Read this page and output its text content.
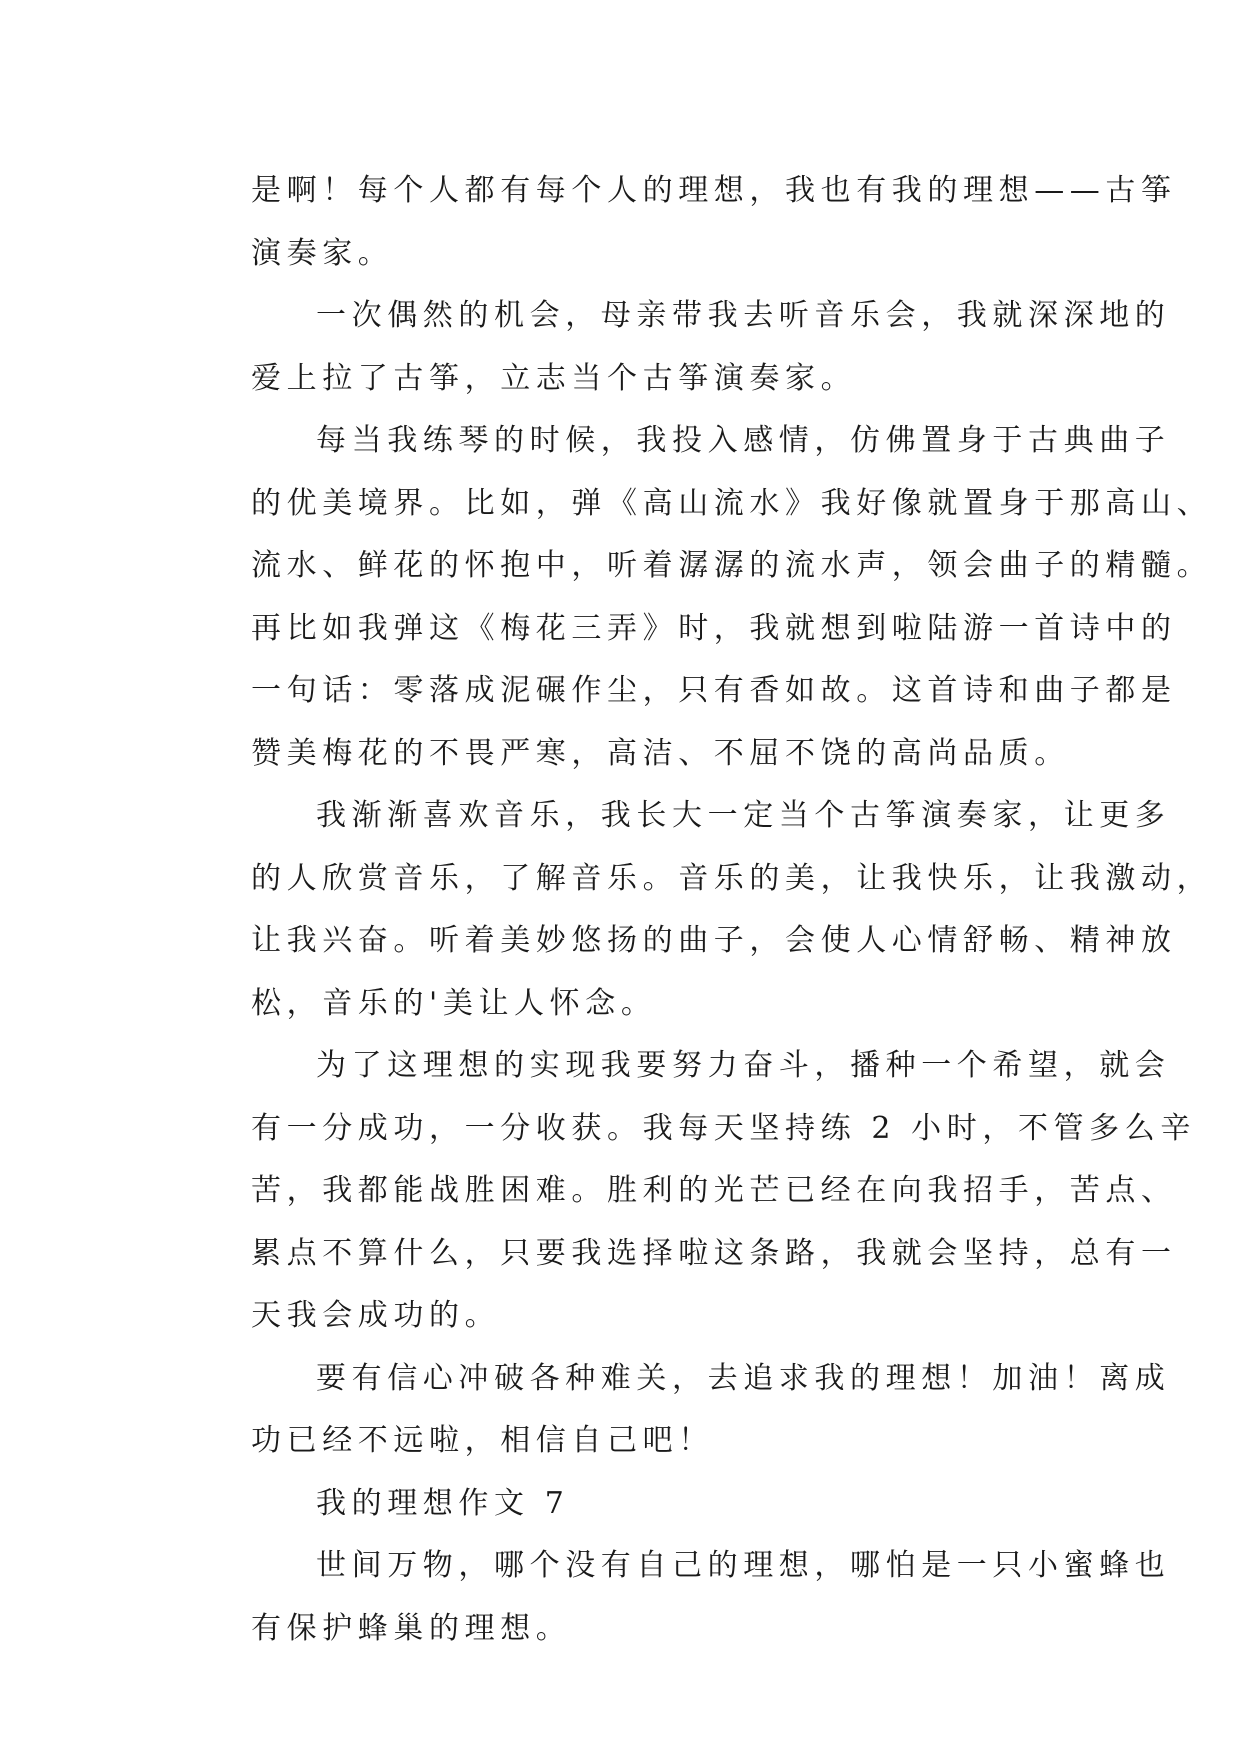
是啊！每个人都有每个人的理想，我也有我的理想——古筝
演奏家。

一次偶然的机会，母亲带我去听音乐会，我就深深地的
爱上拉了古筝，立志当个古筝演奏家。

每当我练琴的时候，我投入感情，仿佛置身于古典曲子
的优美境界。比如，弹《高山流水》我好像就置身于那高山、
流水、鲜花的怀抱中，听着潺潺的流水声，领会曲子的精髓。
再比如我弹这《梅花三弄》时，我就想到啦陆游一首诗中的
一句话：零落成泥碾作尘，只有香如故。这首诗和曲子都是
赞美梅花的不畏严寒，高洁、不屈不饶的高尚品质。

我渐渐喜欢音乐，我长大一定当个古筝演奏家，让更多
的人欣赏音乐，了解音乐。音乐的美，让我快乐，让我激动，
让我兴奋。听着美妙悠扬的曲子，会使人心情舒畅、精神放
松，音乐的'美让人怀念。

为了这理想的实现我要努力奋斗，播种一个希望，就会
有一分成功，一分收获。我每天坚持练 2 小时，不管多么辛
苦，我都能战胜困难。胜利的光芒已经在向我招手，苦点、
累点不算什么，只要我选择啦这条路，我就会坚持，总有一
天我会成功的。

要有信心冲破各种难关，去追求我的理想！加油！离成
功已经不远啦，相信自己吧！

我的理想作文 7

世间万物，哪个没有自己的理想，哪怕是一只小蜜蜂也
有保护蜂巢的理想。
